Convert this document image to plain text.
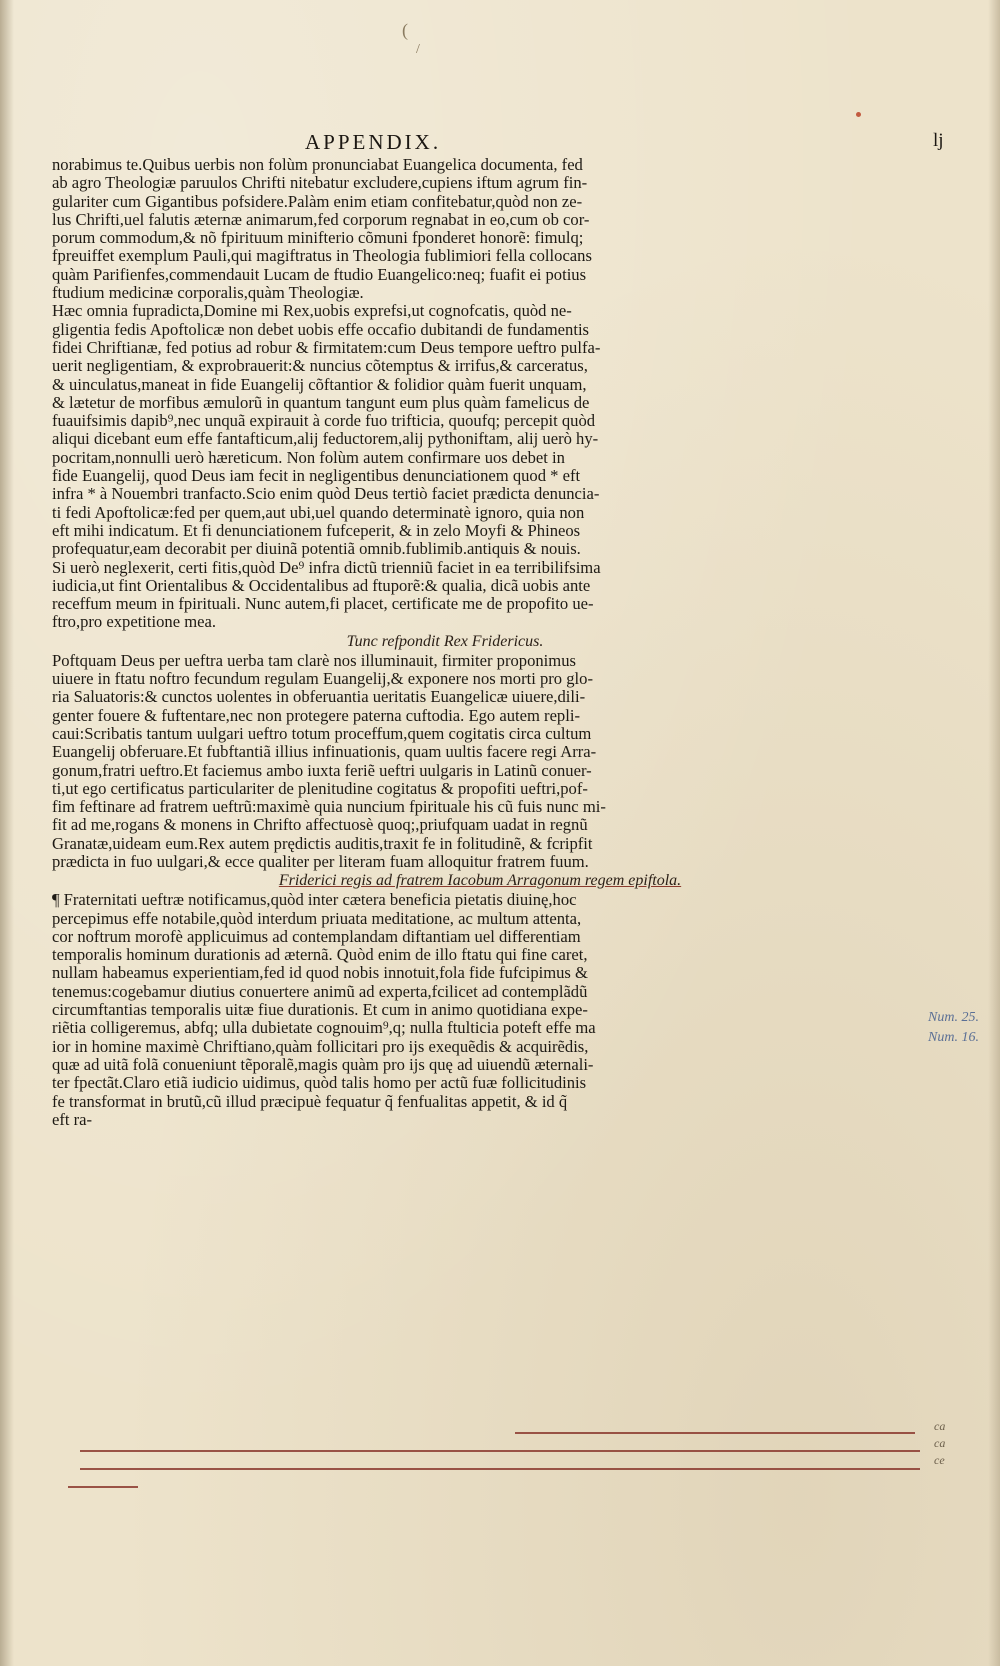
(
/
APPENDIX.	lj
norabimus te.Quibus uerbis non folùm pronunciabat Euangelica documenta, fed
ab agro Theologiæ paruulos Chrifti nitebatur excludere,cupiens iftum agrum fin-
gulariter cum Gigantibus pofsidere.Palàm enim etiam confitebatur,quòd non ze-
lus Chrifti,uel falutis æternæ animarum,fed corporum regnabat in eo,cum ob cor-
porum commodum,& nõ fpirituum minifterio cõmuni fponderet honorẽ: fimulq;
fpreuiffet exemplum Pauli,qui magiftratus in Theologia fublimiori fella collocans
quàm Parifienfes,commendauit Lucam de ftudio Euangelico:neq; fuafit ei potius
ftudium medicinæ corporalis,quàm Theologiæ.
Hæc omnia fupradicta,Domine mi Rex,uobis exprefsi,ut cognofcatis, quòd ne-
gligentia fedis Apoftolicæ non debet uobis effe occafio dubitandi de fundamentis
fidei Chriftianæ, fed potius ad robur & firmitatem:cum Deus tempore ueftro pulfa-
uerit negligentiam, & exprobrauerit:& nuncius cõtemptus & irrifus,& carceratus,
& uinculatus,maneat in fide Euangelij cõftantior & folidior quàm fuerit unquam,
& lætetur de morfibus æmulorũ in quantum tangunt eum plus quàm famelicus de
fuauifsimis dapib⁹,nec unquã expirauit à corde fuo trifticia, quoufq; percepit quòd
aliqui dicebant eum effe fantafticum,alij feductorem,alij pythoniftam, alij uerò hy-
pocritam,nonnulli uerò hæreticum. Non folùm autem confirmare uos debet in
fide Euangelij, quod Deus iam fecit in negligentibus denunciationem quod * eft
infra * à Nouembri tranfacto.Scio enim quòd Deus tertiò faciet prædicta denuncia-
ti fedi Apoftolicæ:fed per quem,aut ubi,uel quando determinatè ignoro, quia non
eft mihi indicatum. Et fi denunciationem fufceperit, & in zelo Moyfi & Phineos
profequatur,eam decorabit per diuinã potentiã omnib.fublimib.antiquis & nouis.
Si uerò neglexerit, certi fitis,quòd De⁹ infra dictũ trienniũ faciet in ea terribilifsima
iudicia,ut fint Orientalibus & Occidentalibus ad ftuporẽ:& qualia, dicã uobis ante
receffum meum in fpirituali. Nunc autem,fi placet, certificate me de propofito ue-
ftro,pro expetitione mea.
Tunc refpondit Rex Fridericus.
Poftquam Deus per ueftra uerba tam clarè nos illuminauit, firmiter proponimus
uiuere in ftatu noftro fecundum regulam Euangelij,& exponere nos morti pro glo-
ria Saluatoris:& cunctos uolentes in obferuantia ueritatis Euangelicæ uiuere,dili-
genter fouere & fuftentare,nec non protegere paterna cuftodia. Ego autem repli-
caui:Scribatis tantum uulgari ueftro totum proceffum,quem cogitatis circa cultum
Euangelij obferuare.Et fubftantiã illius infinuationis, quam uultis facere regi Arra-
gonum,fratri ueftro.Et faciemus ambo iuxta feriẽ ueftri uulgaris in Latinũ conuer-
ti,ut ego certificatus particulariter de plenitudine cogitatus & propofiti ueftri,pof-
fim feftinare ad fratrem ueftrũ:maximè quia nuncium fpirituale his cũ fuis nunc mi-
fit ad me,rogans & monens in Chrifto affectuosè quoq;,priufquam uadat in regnũ
Granatæ,uideam eum.Rex autem prędictis auditis,traxit fe in folitudinẽ, & fcripfit
prædicta in fuo uulgari,& ecce qualiter per literam fuam alloquitur fratrem fuum.
Friderici regis ad fratrem Iacobum Arragonum regem epiftola.
¶ Fraternitati ueftræ notificamus,quòd inter cætera beneficia pietatis diuinę,hoc
percepimus effe notabile,quòd interdum priuata meditatione, ac multum attenta,
cor noftrum morofè applicuimus ad contemplandam diftantiam uel differentiam
temporalis hominum durationis ad æternã. Quòd enim de illo ftatu qui fine caret,
nullam habeamus experientiam,fed id quod nobis innotuit,fola fide fufcipimus &
tenemus:cogebamur diutius conuertere animũ ad experta,fcilicet ad contemplãdũ
circumftantias temporalis uitæ fiue durationis. Et cum in animo quotidiana expe-
riẽtia colligeremus, abfq; ulla dubietate cognouim⁹,q; nulla ftulticia poteft effe ma
ior in homine maximè Chriftiano,quàm follicitari pro ijs exequẽdis & acquirẽdis,
quæ ad uitã folã conueniunt tẽporalẽ,magis quàm pro ijs quę ad uiuendũ æternali-
ter fpectãt.Claro etiã iudicio uidimus, quòd talis homo per actũ fuæ follicitudinis
fe transformat in brutũ,cũ illud præcipuè fequatur q̃ fenfualitas appetit, & id q̃
eft ra-
Num. 25.
Num. 16.
ca
ca
ce
